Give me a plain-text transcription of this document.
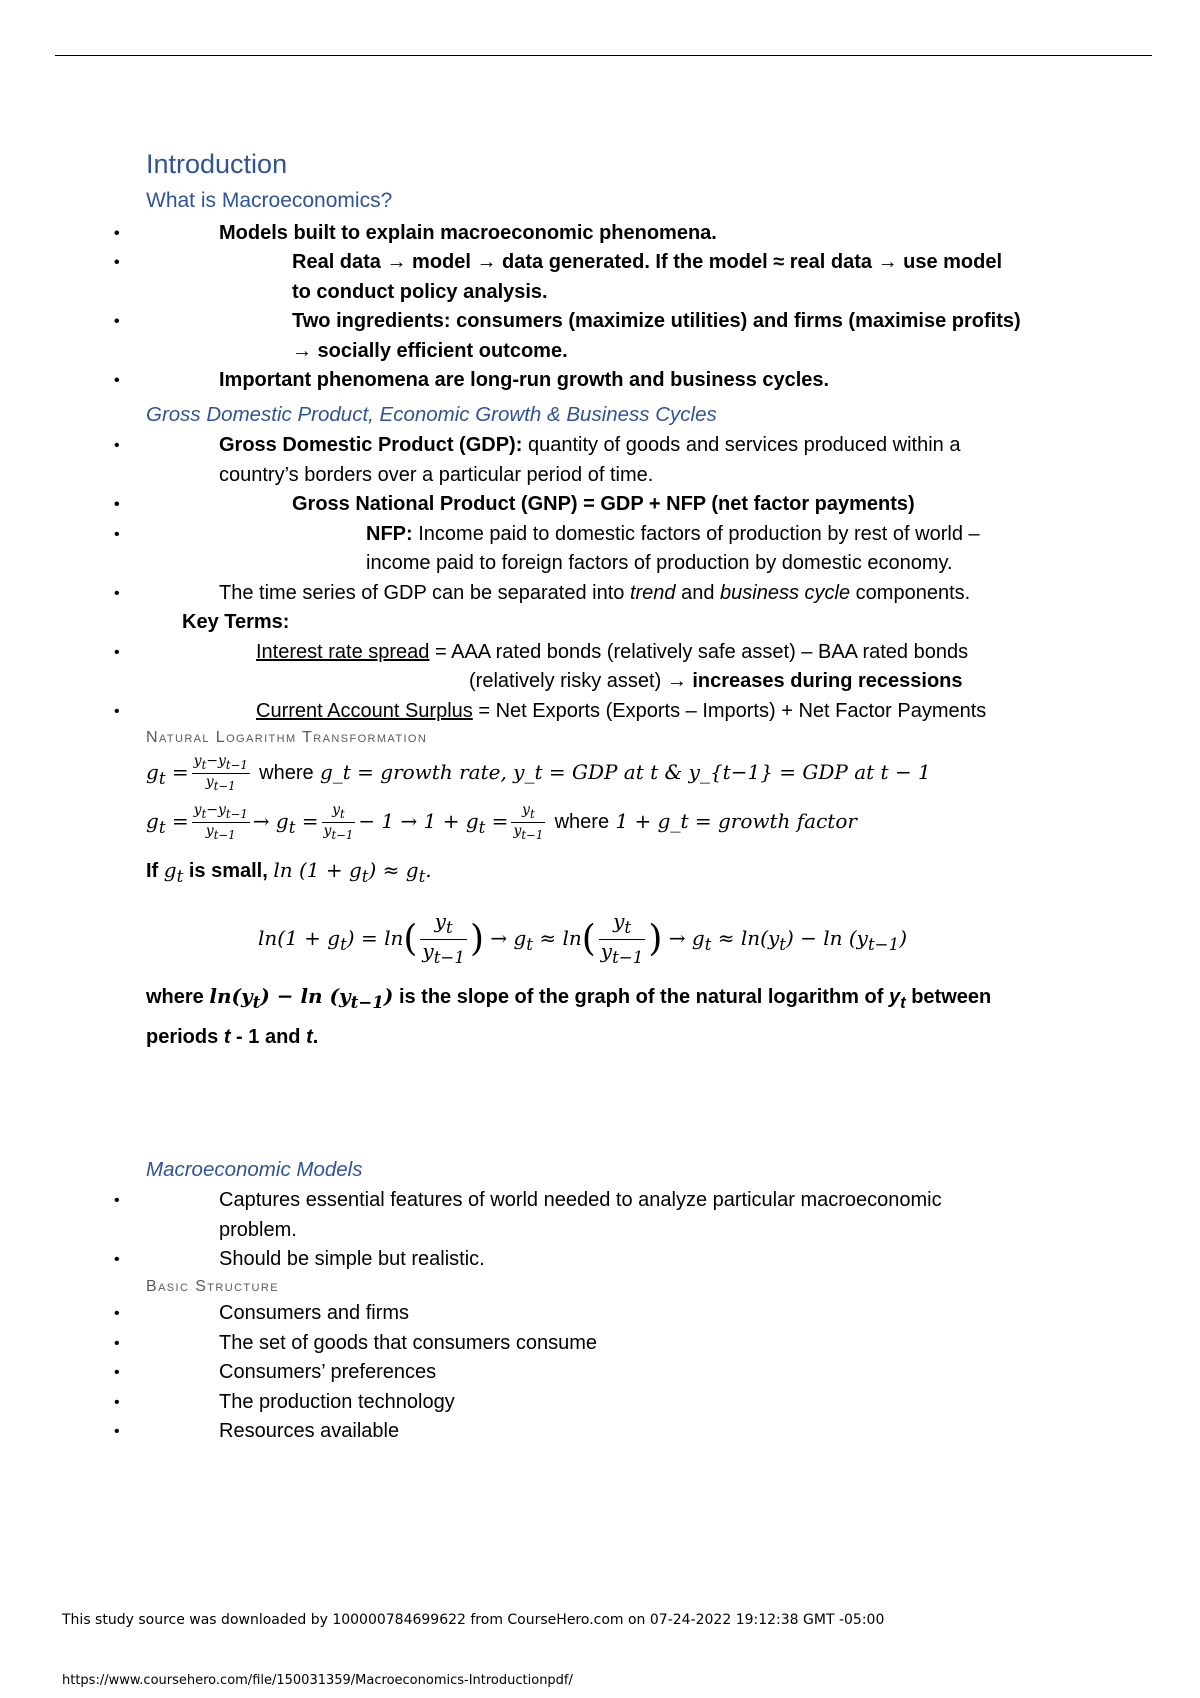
Introduction
What is Macroeconomics?
• Models built to explain macroeconomic phenomena.
• Real data → model → data generated. If the model ≈ real data → use model
to conduct policy analysis.
• Two ingredients: consumers (maximize utilities) and firms (maximise profits)
→ socially efficient outcome.
• Important phenomena are long-run growth and business cycles.
Gross Domestic Product, Economic Growth & Business Cycles
• Gross Domestic Product (GDP): quantity of goods and services produced within a
country’s borders over a particular period of time.
• Gross National Product (GNP) = GDP + NFP (net factor payments)
• NFP: Income paid to domestic factors of production by rest of world –
income paid to foreign factors of production by domestic economy.
• The time series of GDP can be separated into trend and business cycle components.
Key Terms:
• Interest rate spread = AAA rated bonds (relatively safe asset) – BAA rated bonds
(relatively risky asset) → increases during recessions
• Current Account Surplus = Net Exports (Exports – Imports) + Net Factor Payments
Natural Logarithm Transformation
$g_t = \frac{y_t-y_{t-1}}{y_{t-1}}$ where g_t = growth rate, y_t = GDP at t & y_{t−1} = GDP at t − 1
$g_t = \frac{y_t-y_{t-1}}{y_{t-1}} \to g_t = \frac{y_t}{y_{t-1}} - 1 \to 1 + g_t = \frac{y_t}{y_{t-1}}$ where 1 + g_t = growth factor
If $g_t$ is small, $\ln (1 + g_t) \approx g_t$.
$\ln(1 + g_t) = \ln( \frac{y_t}{y_{t-1}}$ ) → $g_t \approx \ln( \frac{y_t}{y_{t-1}}$ ) → $g_t \approx \ln(y_t) - \ln (y_{t-1})$
where $\ln(y_t) - \ln (y_{t-1})$ is the slope of the graph of the natural logarithm of $y_t$ between
periods t - 1 and t.
Macroeconomic Models
• Captures essential features of world needed to analyze particular macroeconomic
problem.
• Should be simple but realistic.
Basic Structure
• Consumers and firms
• The set of goods that consumers consume
• Consumers’ preferences
• The production technology
• Resources available
This study source was downloaded by 100000784699622 from CourseHero.com on 07-24-2022 19:12:38 GMT -05:00
https://www.coursehero.com/file/150031359/Macroeconomics-Introductionpdf/
